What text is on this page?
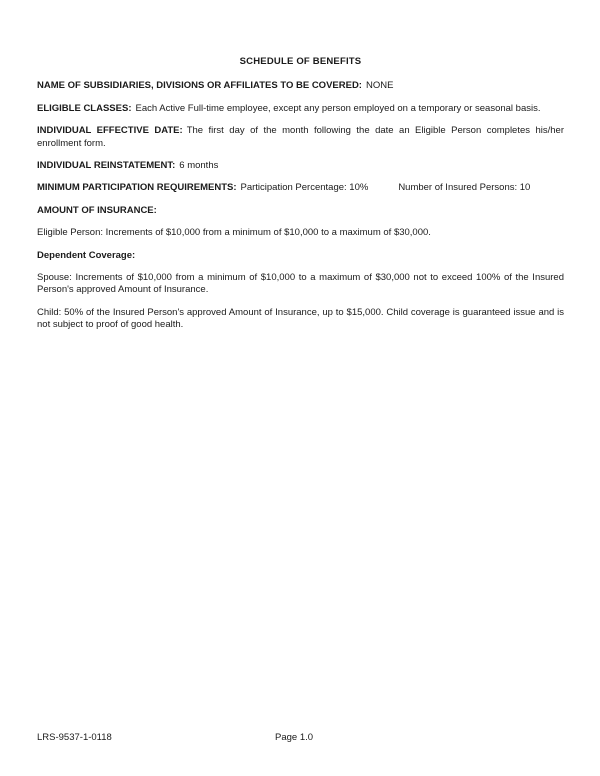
SCHEDULE OF BENEFITS

NAME OF SUBSIDIARIES, DIVISIONS OR AFFILIATES TO BE COVERED: NONE

ELIGIBLE CLASSES: Each Active Full-time employee, except any person employed on a temporary or seasonal basis.

INDIVIDUAL EFFECTIVE DATE: The first day of the month following the date an Eligible Person completes his/her enrollment form.

INDIVIDUAL REINSTATEMENT: 6 months

MINIMUM PARTICIPATION REQUIREMENTS: Participation Percentage: 10%	Number of Insured Persons: 10

AMOUNT OF INSURANCE:

Eligible Person: Increments of $10,000 from a minimum of $10,000 to a maximum of $30,000.

Dependent Coverage:

Spouse: Increments of $10,000 from a minimum of $10,000 to a maximum of $30,000 not to exceed 100% of the Insured Person's approved Amount of Insurance.

Child: 50% of the Insured Person's approved Amount of Insurance, up to $15,000. Child coverage is guaranteed issue and is not subject to proof of good health.

LRS-9537-1-0118	Page 1.0
